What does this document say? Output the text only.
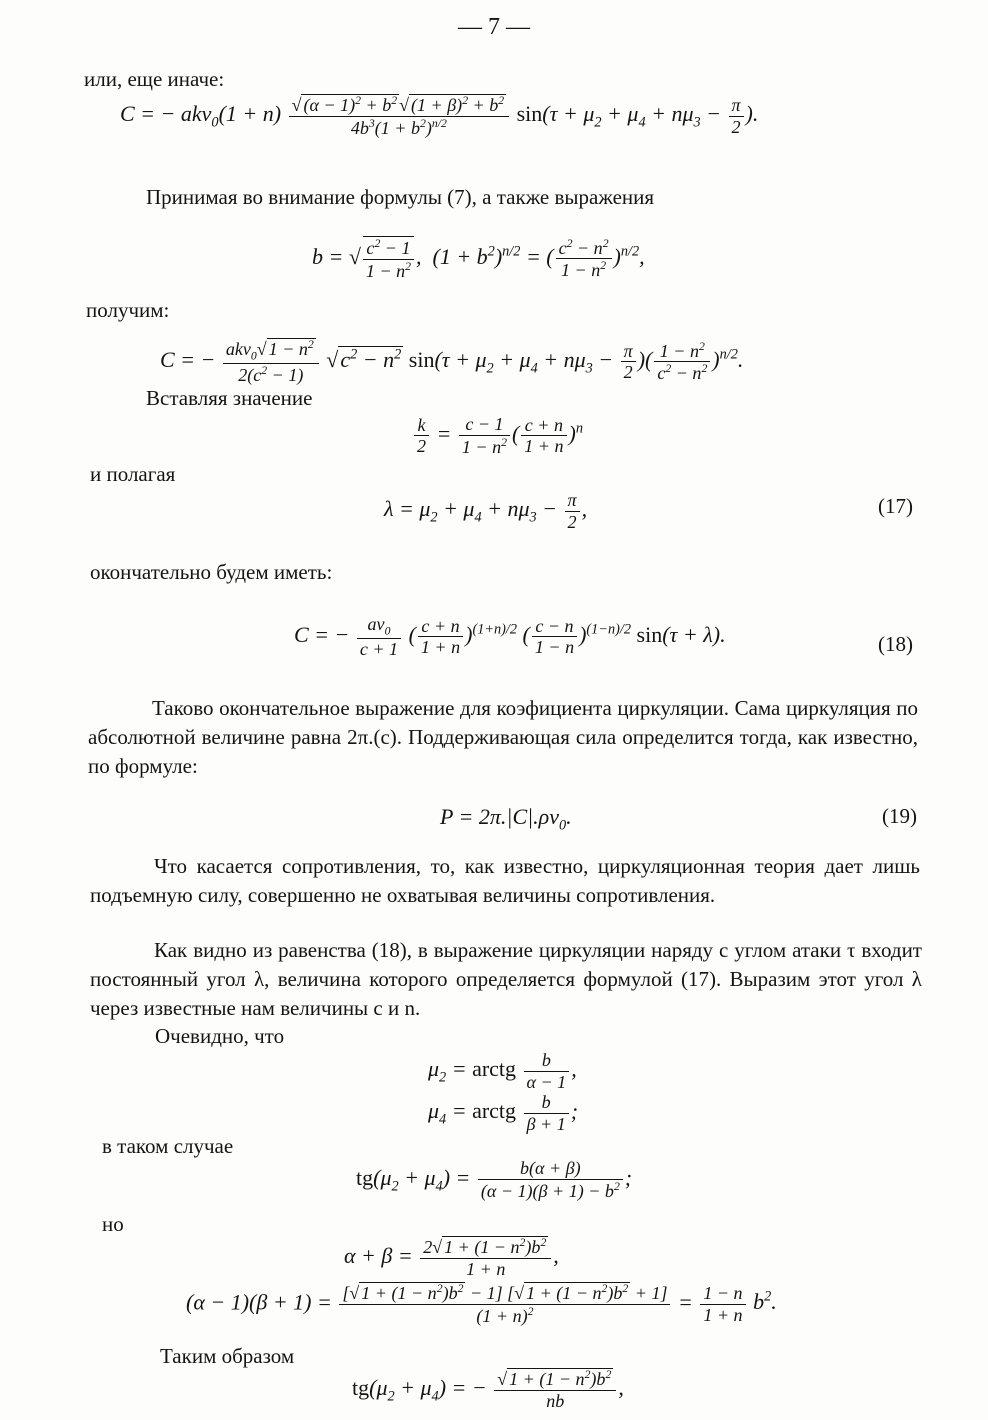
— 7 —
или, еще иначе:
C = − $akv_0(1 + n) \frac{√ (\alpha - 1)^2 + b^2 √ (1 + \beta)^2 + b^2}{4b^3(1 + b^2)^{n/2}} \sin(\tau + \mu_2 + \mu_4 + n\mu_3 - \frac{\pi}{2}$ ).
Принимая во внимание формулы (7), а также выражения
b = √ $\frac{c^2 - 1}{1 - n^2}$ ,  $(1 + b^2)^{n/2}$ = ( $\frac{c^2 - n^2}{1 - n^2} )^{n/2}$,
получим:
C = − $\frac{akv_0√ 1 - n^2}{2(c^2 - 1)} √c^2 - n^2$ $\sin(\tau + \mu_2 + \mu_4 + n\mu_3 - \frac{\pi}{2}$ )( $\frac{1 - n^2}{c^2 - n^2} )^{n/2}$.
Вставляя значение
$\frac{k}{2} = \frac{c - 1}{1 - n^2}$ ( $\frac{c + n}{1 + n} )^n$
и полагая
$\lambda = \mu_2 + \mu_4 + n\mu_3 - \frac{\pi}{2}$ ,	(17)
окончательно будем иметь:
C = − $\frac{av_0}{c + 1}$ ( $\frac{c + n}{1 + n} )^{(1+n)/2}$ ( $\frac{c - n}{1 - n} )^{(1-n)/2}$ sin(τ + λ).	(18)
Таково окончательное выражение для коэфициента циркуляции. Сама циркуляция по абсолютной величине равна 2π.(c). Поддерживающая сила определится тогда, как известно, по формуле:
$P = 2\pi.|C|.\rho v_0$.	(19)
Что касается сопротивления, то, как известно, циркуляционная теория дает лишь подъемную силу, совершенно не охватывая величины сопротивления.
Как видно из равенства (18), в выражение циркуляции наряду с углом атаки τ входит постоянный угол λ, величина которого определяется формулой (17). Выразим этот угол λ через известные нам величины c и n.
Очевидно, что
$\mu_2$ = arctg $\frac{b}{\alpha - 1}$ ,
$\mu_4$ = arctg $\frac{b}{\beta + 1}$ ;
в таком случае
$tg(\mu_2 + \mu_4) = \frac{b(\alpha + \beta)}{(\alpha - 1)(\beta + 1) - b^2}$ ;
но
$\alpha + \beta = \frac{2√ 1 + (1 - n^2)b^2}{1 + n}$ ,
$(\alpha - 1)(\beta + 1) = \frac{[√ 1 + (1 - n^2)b^2 - 1] [√ 1 + (1 - n^2)b^2 + 1]}{(1 + n)^2} = \frac{1 - n}{1 + n} b^2$.
Таким образом
$tg(\mu_2 + \mu_4)$ = − $\frac{√ 1 + (1 - n^2)b^2}{nb}$ ,
